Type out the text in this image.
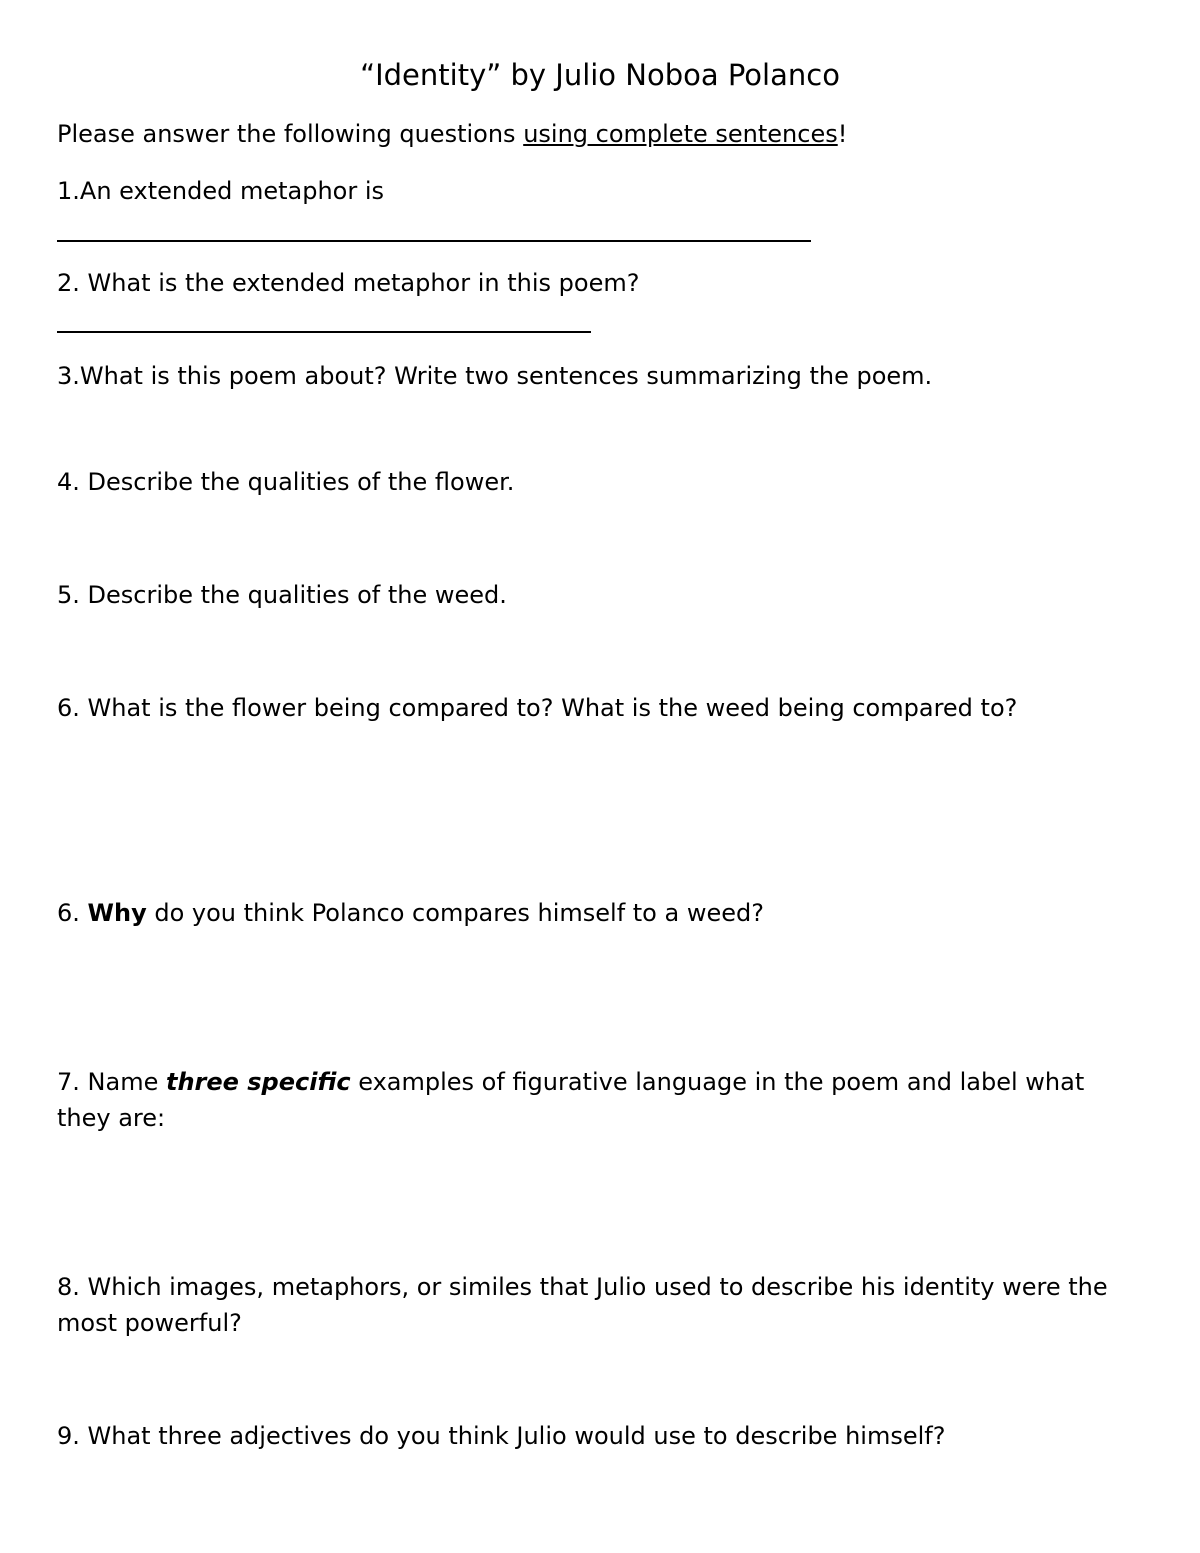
“Identity” by Julio Noboa Polanco
Please answer the following questions using complete sentences!
1.An extended metaphor is
2. What is the extended metaphor in this poem?
3.What is this poem about? Write two sentences summarizing the poem.
4. Describe the qualities of the flower.
5. Describe the qualities of the weed.
6. What is the flower being compared to? What is the weed being compared to?
6. Why do you think Polanco compares himself to a weed?
7. Name three specific examples of figurative language in the poem and label what they are:
8. Which images, metaphors, or similes that Julio used to describe his identity were the most powerful?
9. What three adjectives do you think Julio would use to describe himself?
